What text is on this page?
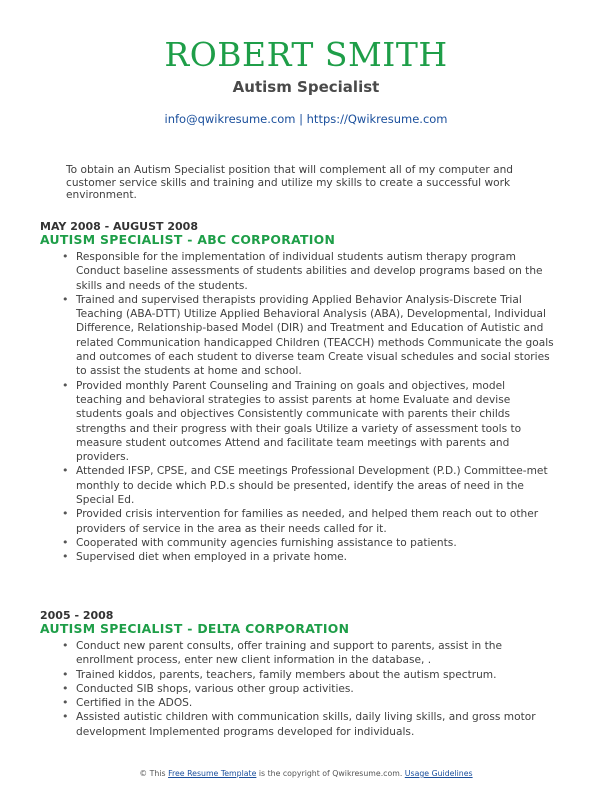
ROBERT SMITH
Autism Specialist
info@qwikresume.com | https://Qwikresume.com
To obtain an Autism Specialist position that will complement all of my computer and customer service skills and training and utilize my skills to create a successful work environment.
MAY 2008 - AUGUST 2008
AUTISM SPECIALIST - ABC CORPORATION
• Responsible for the implementation of individual students autism therapy program Conduct baseline assessments of students abilities and develop programs based on the skills and needs of the students.
• Trained and supervised therapists providing Applied Behavior Analysis-Discrete Trial Teaching (ABA-DTT) Utilize Applied Behavioral Analysis (ABA), Developmental, Individual Difference, Relationship-based Model (DIR) and Treatment and Education of Autistic and related Communication handicapped Children (TEACCH) methods Communicate the goals and outcomes of each student to diverse team Create visual schedules and social stories to assist the students at home and school.
• Provided monthly Parent Counseling and Training on goals and objectives, model teaching and behavioral strategies to assist parents at home Evaluate and devise students goals and objectives Consistently communicate with parents their childs strengths and their progress with their goals Utilize a variety of assessment tools to measure student outcomes Attend and facilitate team meetings with parents and providers.
• Attended IFSP, CPSE, and CSE meetings Professional Development (P.D.) Committee-met monthly to decide which P.D.s should be presented, identify the areas of need in the Special Ed.
• Provided crisis intervention for families as needed, and helped them reach out to other providers of service in the area as their needs called for it.
• Cooperated with community agencies furnishing assistance to patients.
• Supervised diet when employed in a private home.
2005 - 2008
AUTISM SPECIALIST - DELTA CORPORATION
• Conduct new parent consults, offer training and support to parents, assist in the enrollment process, enter new client information in the database, .
• Trained kiddos, parents, teachers, family members about the autism spectrum.
• Conducted SIB shops, various other group activities.
• Certified in the ADOS.
• Assisted autistic children with communication skills, daily living skills, and gross motor development Implemented programs developed for individuals.
© This Free Resume Template is the copyright of Qwikresume.com. Usage Guidelines
